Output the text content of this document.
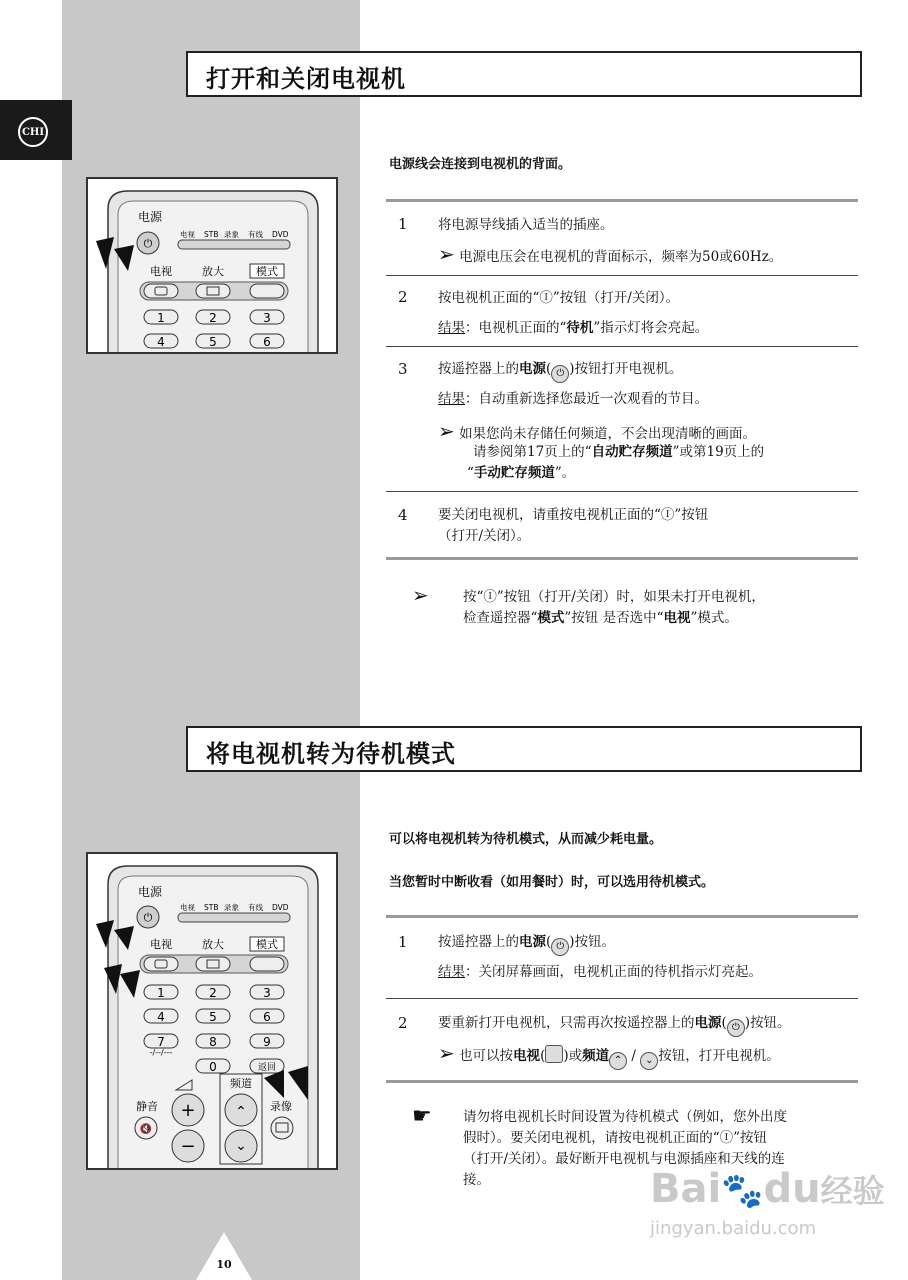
CHI
打开和关闭电视机
电源
电视 STB 录象 有线 DVD
⏻
电视	放大	模式
1	2	3
4	5	6
电源线会连接到电视机的背面。
1 将电源导线插入适当的插座。
➢ 电源电压会在电视机的背面标示，频率为50或60Hz。
2 按电视机正面的“Ⓘ”按钮（打开/关闭）。
结果：电视机正面的“待机”指示灯将会亮起。
3 按遥控器上的电源( ⏻ )按钮打开电视机。
结果：自动重新选择您最近一次观看的节目。
➢ 如果您尚未存储任何频道，不会出现清晰的画面。
请参阅第17页上的“自动贮存频道”或第19页上的
“手动贮存频道”。
4 要关闭电视机，请重按电视机正面的“Ⓘ”按钮
（打开/关闭）。
➢	按“Ⓘ”按钮（打开/关闭）时，如果未打开电视机，
检查遥控器“模式”按钮 是否选中“电视”模式。
将电视机转为待机模式
电源
电视 STB 录象 有线 DVD
⏻
电视	放大	模式
1	2	3
4	5	6
7	8	9
0	返回
-/--/---
频道
静音	录像
+
−
⌃
⌄
🔇
可以将电视机转为待机模式，从而减少耗电量。
当您暂时中断收看（如用餐时）时，可以选用待机模式。
1 按遥控器上的电源( ⏻ )按钮。
结果：关闭屏幕画面，电视机正面的待机指示灯亮起。
2 要重新打开电视机，只需再次按遥控器上的电源( ⏻ )按钮。
➢ 也可以按电视( )或频道 ⌃ / ⌄ 按钮，打开电视机。
☛ 请勿将电视机长时间设置为待机模式（例如，您外出度
假时）。要关闭电视机，请按电视机正面的“Ⓘ”按钮
（打开/关闭）。最好断开电视机与电源插座和天线的连
接。	Bai🐾du经验
jingyan.baidu.com
10
